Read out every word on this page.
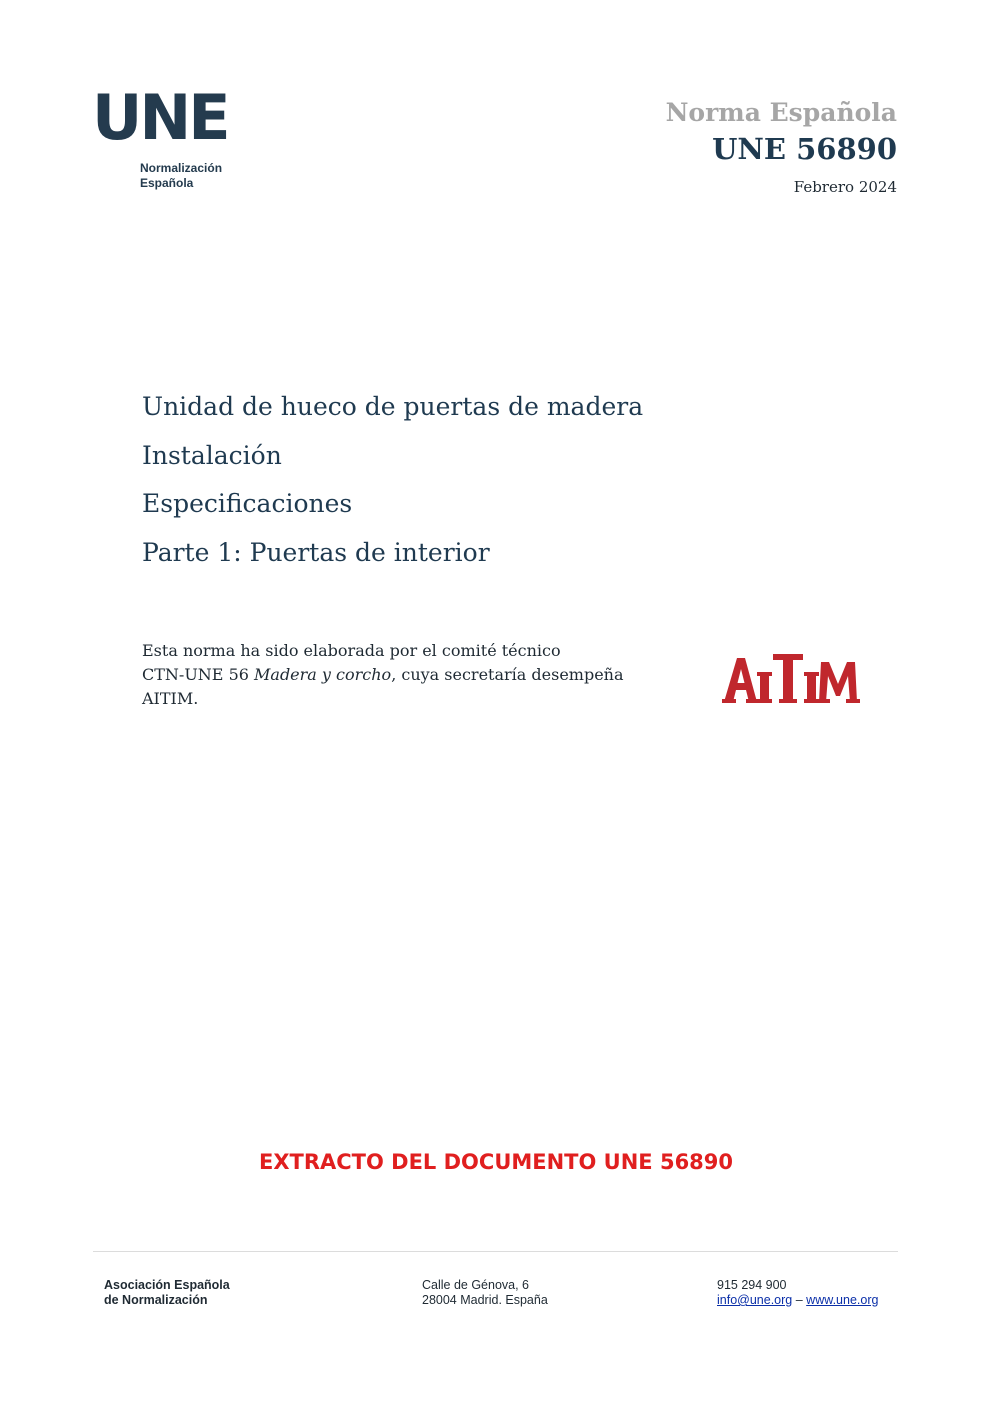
UNE
Normalización
Española
Norma Española
UNE 56890
Febrero 2024
Unidad de hueco de puertas de madera
Instalación
Especificaciones
Parte 1: Puertas de interior
Esta norma ha sido elaborada por el comité técnico
CTN-UNE 56 Madera y corcho, cuya secretaría desempeña
AITIM.
EXTRACTO DEL DOCUMENTO UNE 56890
Asociación Española
de Normalización
Calle de Génova, 6
28004 Madrid. España
915 294 900
info@une.org – www.une.org
